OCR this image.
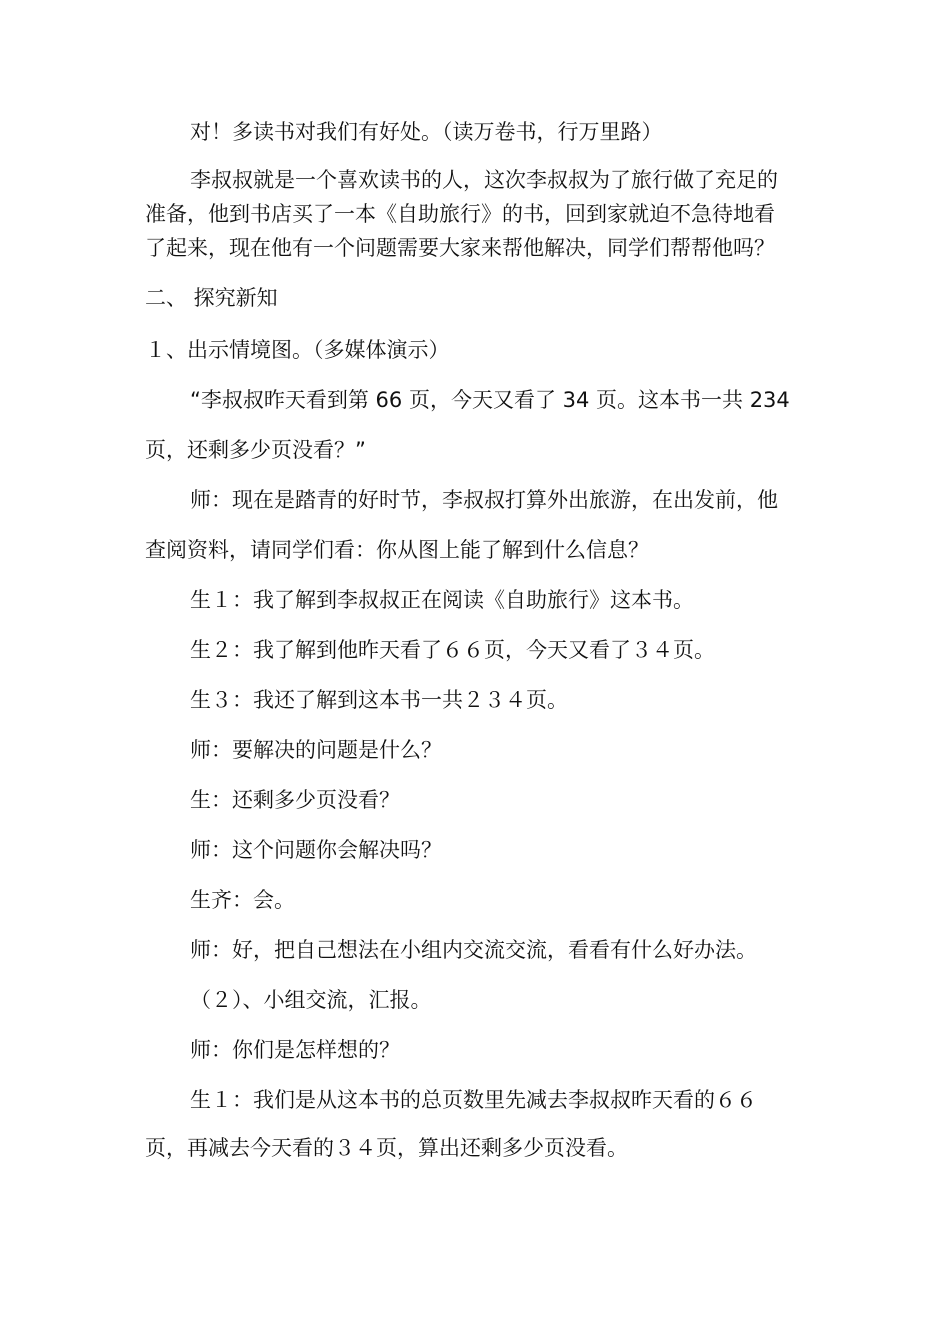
对！多读书对我们有好处。（读万卷书，行万里路）
李叔叔就是一个喜欢读书的人，这次李叔叔为了旅行做了充足的
准备，他到书店买了一本《自助旅行》的书，回到家就迫不急待地看
了起来，现在他有一个问题需要大家来帮他解决，同学们帮帮他吗？
二、 探究新知
１、出示情境图。（多媒体演示）
“李叔叔昨天看到第 66 页，今天又看了 34 页。这本书一共 234
页，还剩多少页没看？”
师：现在是踏青的好时节，李叔叔打算外出旅游，在出发前，他
查阅资料，请同学们看：你从图上能了解到什么信息？
生１：我了解到李叔叔正在阅读《自助旅行》这本书。
生２：我了解到他昨天看了６６页，今天又看了３４页。
生３：我还了解到这本书一共２３４页。
师：要解决的问题是什么？
生：还剩多少页没看？
师：这个问题你会解决吗？
生齐：会。
师：好，把自己想法在小组内交流交流，看看有什么好办法。
（２）、小组交流，汇报。
师：你们是怎样想的？
生１：我们是从这本书的总页数里先减去李叔叔昨天看的６６
页，再减去今天看的３４页，算出还剩多少页没看。
